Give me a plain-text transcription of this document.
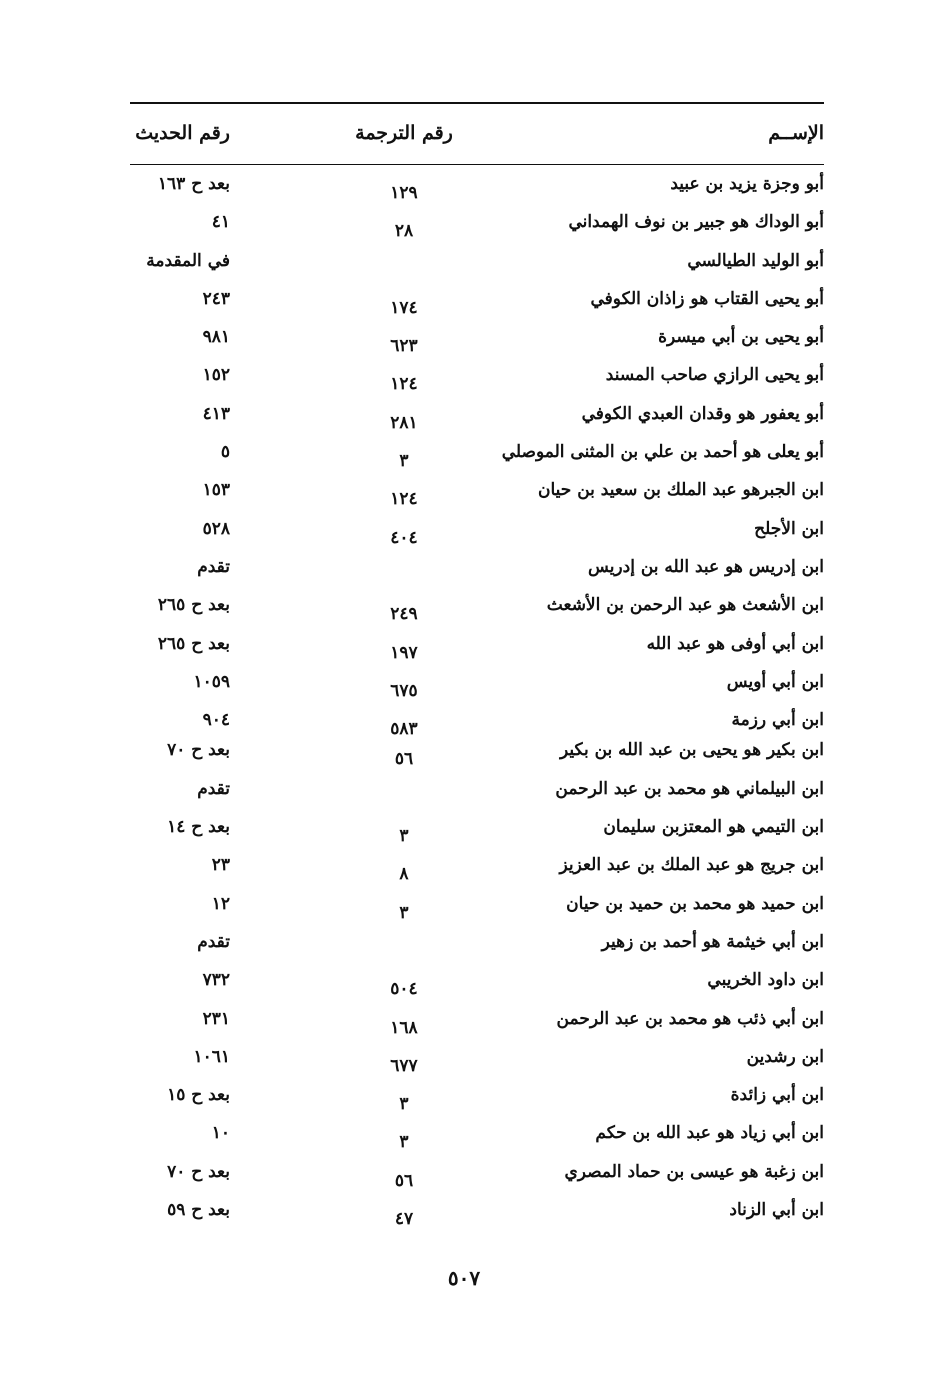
الإســم
رقم الترجمة
رقم الحديث
أبو وجزة يزيد بن عبيد
١٢٩
بعد ح ١٦٣
أبو الوداك هو جبير بن نوف الهمداني
٢٨
٤١
أبو الوليد الطيالسي
في المقدمة
أبو يحيى القتاب هو زاذان الكوفي
١٧٤
٢٤٣
أبو يحيى بن أبي ميسرة
٦٢٣
٩٨١
أبو يحيى الرازي صاحب المسند
١٢٤
١٥٢
أبو يعفور هو وقدان العبدي الكوفي
٢٨١
٤١٣
أبو يعلى هو أحمد بن علي بن المثنى الموصلي
٣
٥
ابن الجبرهو عبد الملك بن سعيد بن حيان
١٢٤
١٥٣
ابن الأجلح
٤٠٤
٥٢٨
ابن إدريس هو عبد الله بن إدريس
تقدم
ابن الأشعث هو عبد الرحمن بن الأشعث
٢٤٩
بعد ح ٢٦٥
ابن أبي أوفى هو عبد الله
١٩٧
بعد ح ٢٦٥
ابن أبي أويس
٦٧٥
١٠٥٩
ابن أبي رزمة
٥٨٣
٩٠٤
ابن بكير هو يحيى بن عبد الله بن بكير
٥٦
بعد ح ٧٠
ابن البيلماني هو محمد بن عبد الرحمن
تقدم
ابن التيمي هو المعتزبن سليمان
٣
بعد ح ١٤
ابن جريج هو عبد الملك بن عبد العزيز
٨
٢٣
ابن حميد هو محمد بن حميد بن حيان
٣
١٢
ابن أبي خيثمة هو أحمد بن زهير
تقدم
ابن داود الخريبي
٥٠٤
٧٣٢
ابن أبي ذئب هو محمد بن عبد الرحمن
١٦٨
٢٣١
ابن رشدين
٦٧٧
١٠٦١
ابن أبي زائدة
٣
بعد ح ١٥
ابن أبي زياد هو عبد الله بن حكم
٣
١٠
ابن زغبة هو عيسى بن حماد المصري
٥٦
بعد ح ٧٠
ابن أبي الزناد
٤٧
بعد ح ٥٩
٥٠٧
